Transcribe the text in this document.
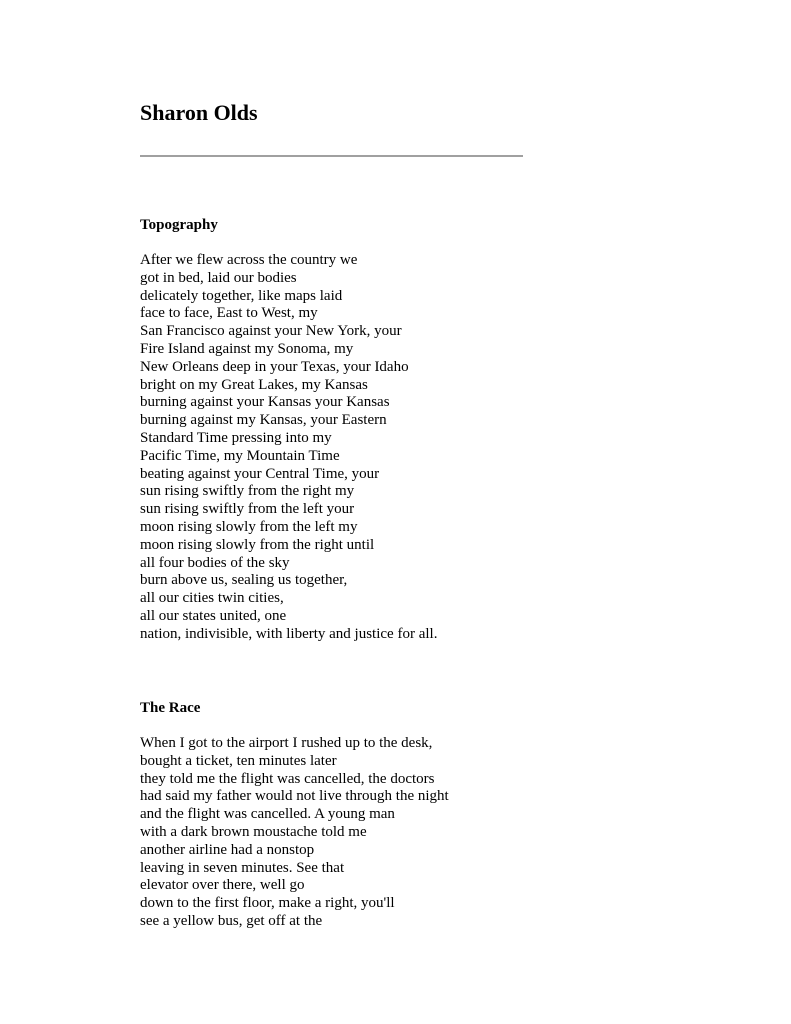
Sharon Olds
Topography
After we flew across the country we
got in bed, laid our bodies
delicately together, like maps laid
face to face, East to West, my
San Francisco against your New York, your
Fire Island against my Sonoma, my
New Orleans deep in your Texas, your Idaho
bright on my Great Lakes, my Kansas
burning against your Kansas your Kansas
burning against my Kansas, your Eastern
Standard Time pressing into my
Pacific Time, my Mountain Time
beating against your Central Time, your
sun rising swiftly from the right my
sun rising swiftly from the left your
moon rising slowly from the left my
moon rising slowly from the right until
all four bodies of the sky
burn above us, sealing us together,
all our cities twin cities,
all our states united, one
nation, indivisible, with liberty and justice for all.
The Race
When I got to the airport I rushed up to the desk,
bought a ticket, ten minutes later
they told me the flight was cancelled, the doctors
had said my father would not live through the night
and the flight was cancelled. A young man
with a dark brown moustache told me
another airline had a nonstop
leaving in seven minutes. See that
elevator over there, well go
down to the first floor, make a right, you'll
see a yellow bus, get off at the
